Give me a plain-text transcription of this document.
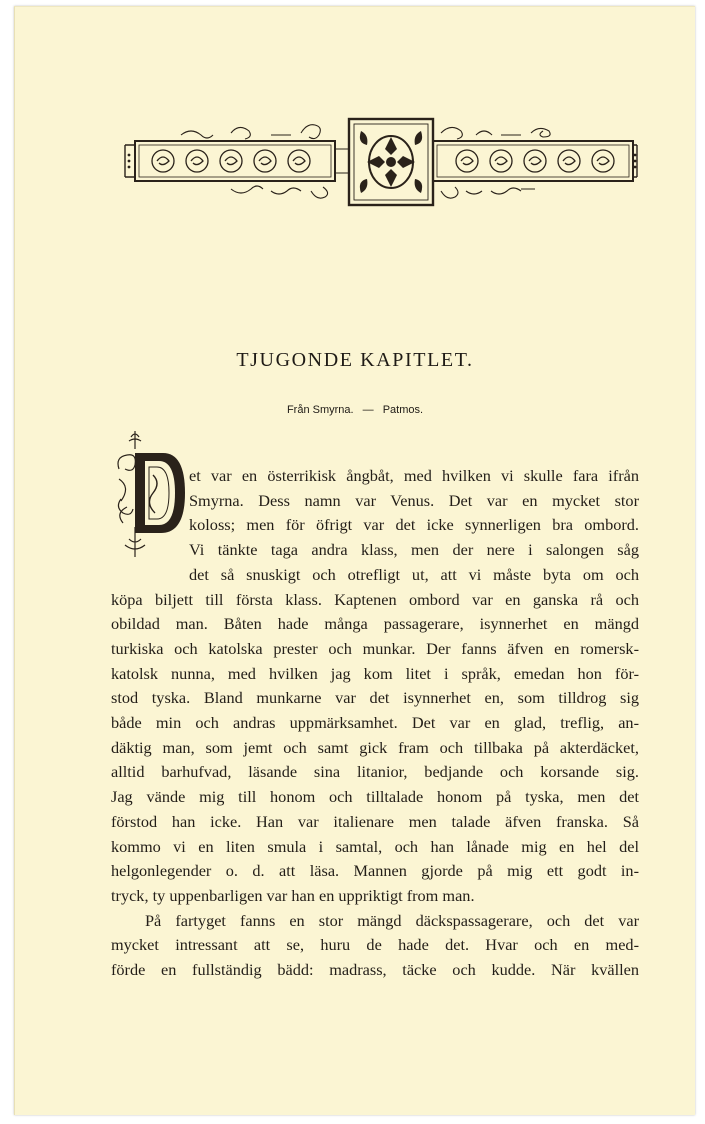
TJUGONDE KAPITLET.
Från Smyrna. — Patmos.
D
et var en österrikisk ångbåt, med hvilken vi skulle fara ifrån
Smyrna. Dess namn var Venus. Det var en mycket stor
koloss; men för öfrigt var det icke synnerligen bra ombord.
Vi tänkte taga andra klass, men der nere i salongen såg
det så snuskigt och otrefligt ut, att vi måste byta om och
köpa biljett till första klass. Kaptenen ombord var en ganska rå och
obildad man. Båten hade många passagerare, isynnerhet en mängd
turkiska och katolska prester och munkar. Der fanns äfven en romersk-
katolsk nunna, med hvilken jag kom litet i språk, emedan hon för-
stod tyska. Bland munkarne var det isynnerhet en, som tilldrog sig
både min och andras uppmärksamhet. Det var en glad, treflig, an-
däktig man, som jemt och samt gick fram och tillbaka på akterdäcket,
alltid barhufvad, läsande sina litanior, bedjande och korsande sig.
Jag vände mig till honom och tilltalade honom på tyska, men det
förstod han icke. Han var italienare men talade äfven franska. Så
kommo vi en liten smula i samtal, och han lånade mig en hel del
helgonlegender o. d. att läsa. Mannen gjorde på mig ett godt in-
tryck, ty uppenbarligen var han en uppriktigt from man.
På fartyget fanns en stor mängd däckspassagerare, och det var
mycket intressant att se, huru de hade det. Hvar och en med-
förde en fullständig bädd: madrass, täcke och kudde. När kvällen
